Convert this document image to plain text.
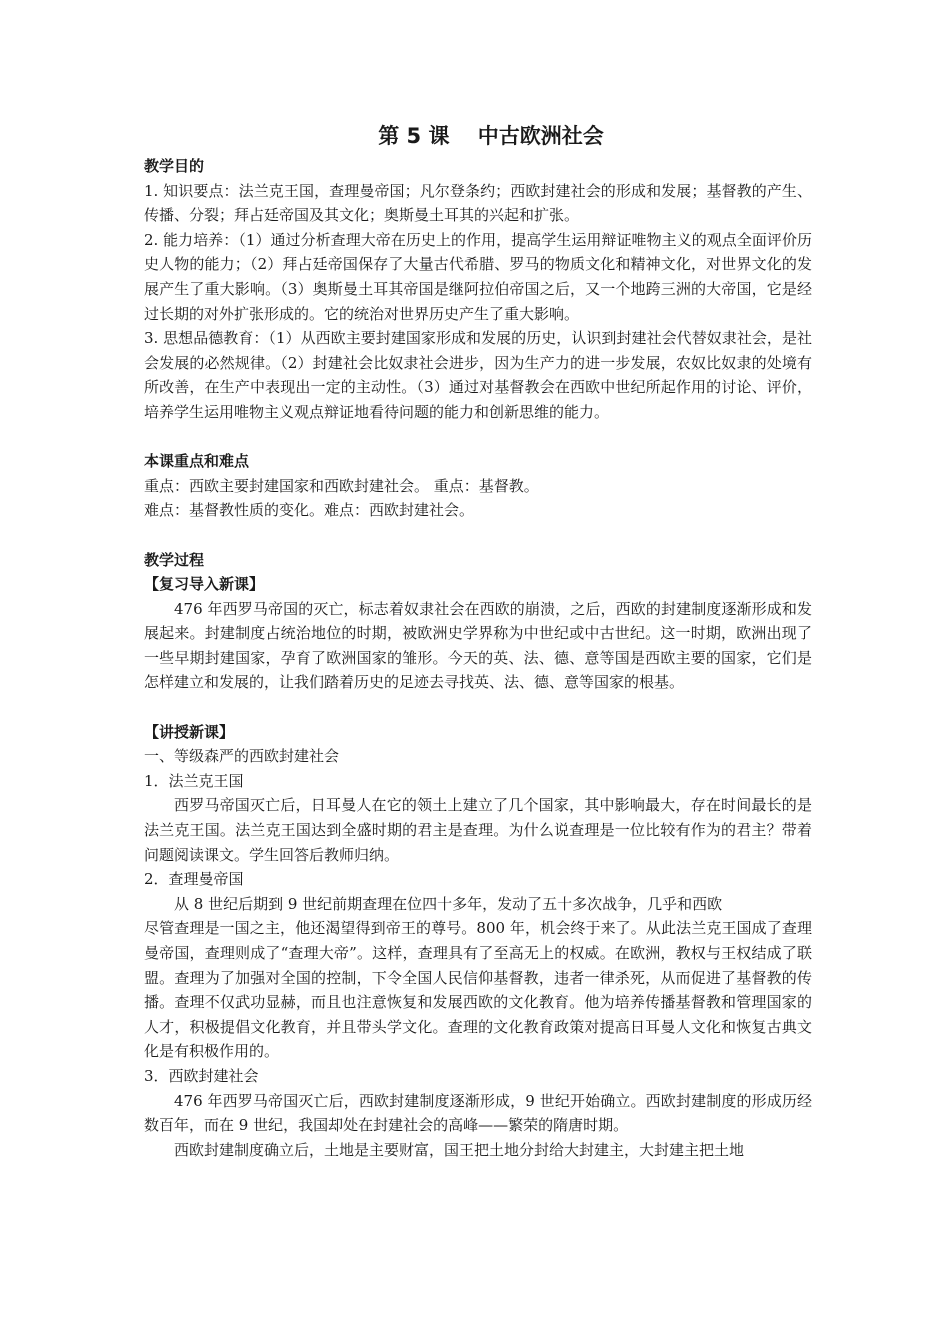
第 5 课　 中古欧洲社会

教学目的

1. 知识要点：法兰克王国，查理曼帝国；凡尔登条约；西欧封建社会的形成和发展；基督教的产生、传播、分裂；拜占廷帝国及其文化；奥斯曼土耳其的兴起和扩张。

2. 能力培养：（1）通过分析查理大帝在历史上的作用，提高学生运用辩证唯物主义的观点全面评价历史人物的能力；（2）拜占廷帝国保存了大量古代希腊、罗马的物质文化和精神文化，对世界文化的发展产生了重大影响。（3）奥斯曼土耳其帝国是继阿拉伯帝国之后，又一个地跨三洲的大帝国，它是经过长期的对外扩张形成的。它的统治对世界历史产生了重大影响。

3. 思想品德教育：（1）从西欧主要封建国家形成和发展的历史，认识到封建社会代替奴隶社会，是社会发展的必然规律。（2）封建社会比奴隶社会进步，因为生产力的进一步发展，农奴比奴隶的处境有所改善，在生产中表现出一定的主动性。（3）通过对基督教会在西欧中世纪所起作用的讨论、评价，培养学生运用唯物主义观点辩证地看待问题的能力和创新思维的能力。

本课重点和难点

重点：西欧主要封建国家和西欧封建社会。 重点：基督教。

难点：基督教性质的变化。难点：西欧封建社会。

教学过程

【复习导入新课】

476 年西罗马帝国的灭亡，标志着奴隶社会在西欧的崩溃，之后，西欧的封建制度逐渐形成和发展起来。封建制度占统治地位的时期，被欧洲史学界称为中世纪或中古世纪。这一时期，欧洲出现了一些早期封建国家，孕育了欧洲国家的雏形。今天的英、法、德、意等国是西欧主要的国家，它们是怎样建立和发展的，让我们踏着历史的足迹去寻找英、法、德、意等国家的根基。

【讲授新课】

一、等级森严的西欧封建社会

1．法兰克王国

西罗马帝国灭亡后，日耳曼人在它的领土上建立了几个国家，其中影响最大，存在时间最长的是法兰克王国。法兰克王国达到全盛时期的君主是查理。为什么说查理是一位比较有作为的君主？带着问题阅读课文。学生回答后教师归纳。

2．查理曼帝国

从 8 世纪后期到 9 世纪前期查理在位四十多年，发动了五十多次战争，几乎和西欧

尽管查理是一国之主，他还渴望得到帝王的尊号。800 年，机会终于来了。从此法兰克王国成了查理曼帝国，查理则成了“查理大帝”。这样，查理具有了至高无上的权威。在欧洲，教权与王权结成了联盟。查理为了加强对全国的控制，下令全国人民信仰基督教，违者一律杀死，从而促进了基督教的传播。查理不仅武功显赫，而且也注意恢复和发展西欧的文化教育。他为培养传播基督教和管理国家的人才，积极提倡文化教育，并且带头学文化。查理的文化教育政策对提高日耳曼人文化和恢复古典文化是有积极作用的。

3．西欧封建社会

476 年西罗马帝国灭亡后，西欧封建制度逐渐形成，9 世纪开始确立。西欧封建制度的形成历经数百年，而在 9 世纪，我国却处在封建社会的高峰——繁荣的隋唐时期。

西欧封建制度确立后，土地是主要财富，国王把土地分封给大封建主，大封建主把土地
